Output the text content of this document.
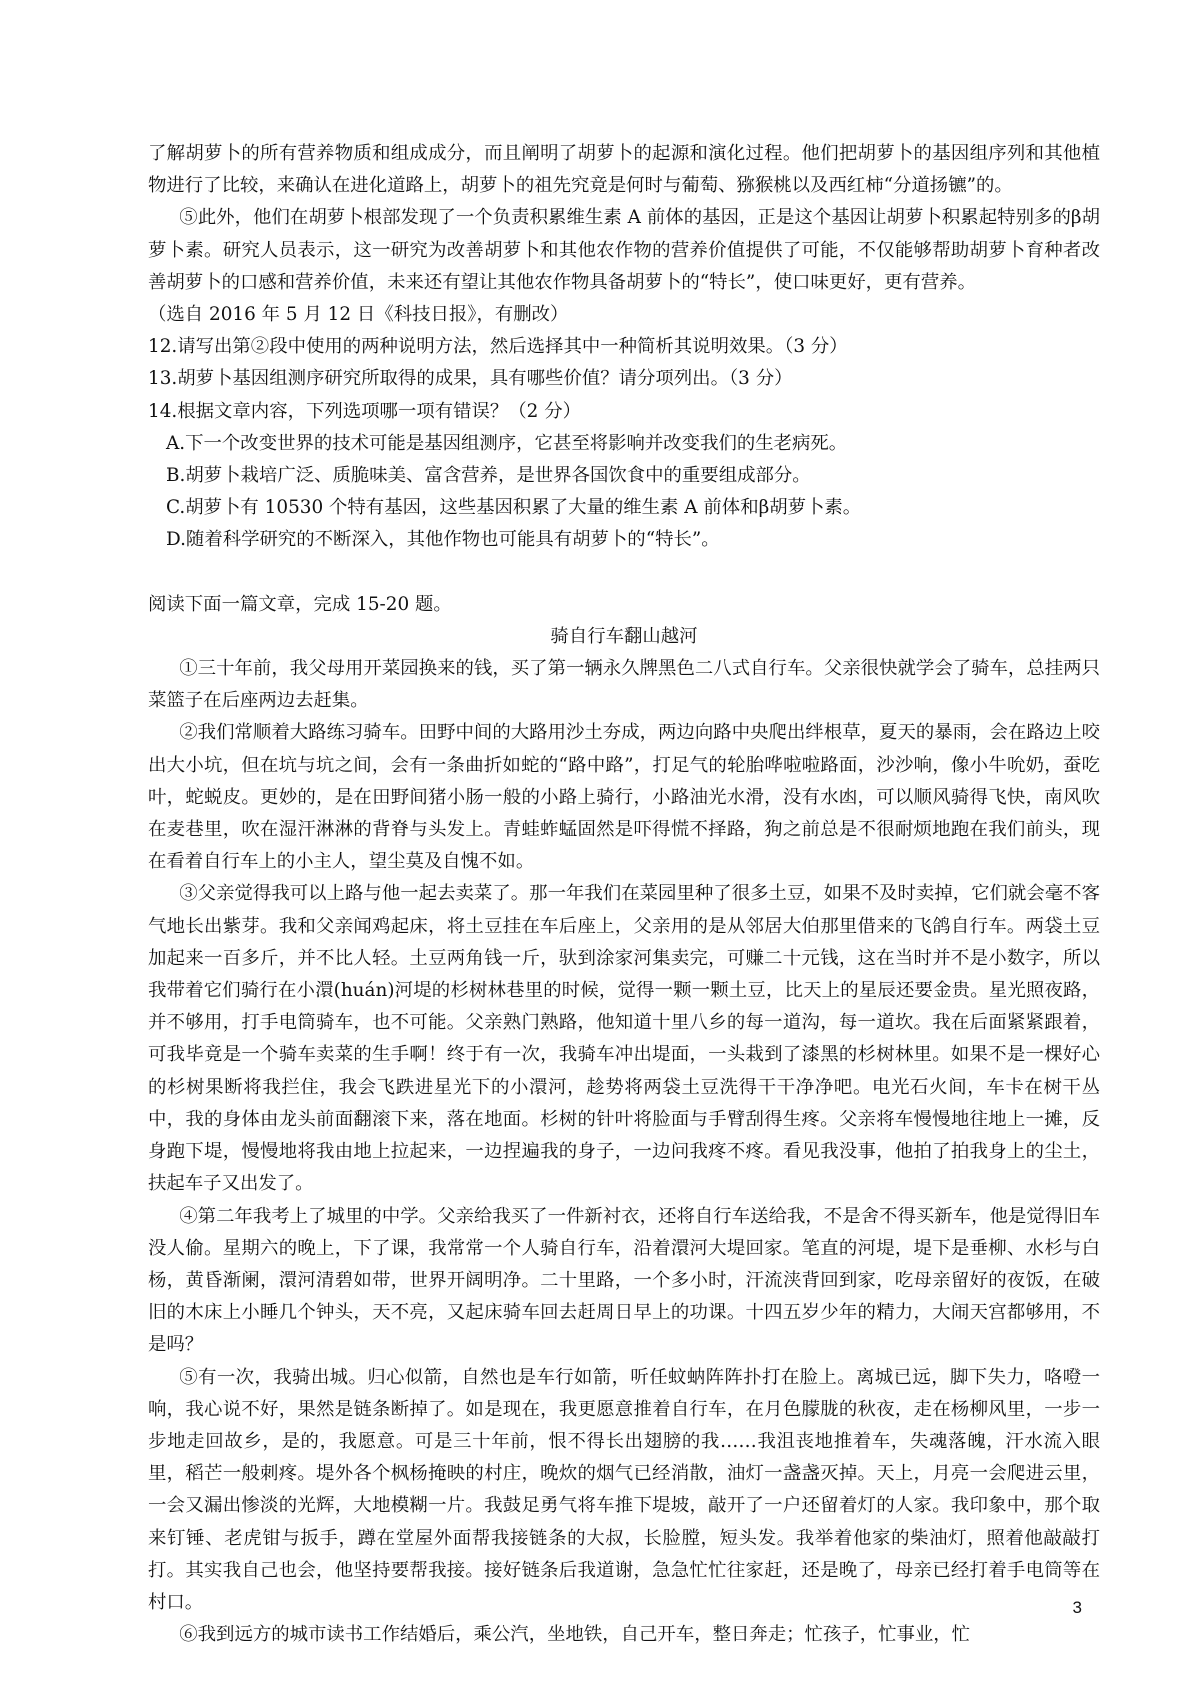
了解胡萝卜的所有营养物质和组成成分，而且阐明了胡萝卜的起源和演化过程。他们把胡萝卜的基因组序列和其他植物进行了比较，来确认在进化道路上，胡萝卜的祖先究竟是何时与葡萄、猕猴桃以及西红柿“分道扬镳”的。

⑤此外，他们在胡萝卜根部发现了一个负责积累维生素 A 前体的基因，正是这个基因让胡萝卜积累起特别多的β胡萝卜素。研究人员表示，这一研究为改善胡萝卜和其他农作物的营养价值提供了可能，不仅能够帮助胡萝卜育种者改善胡萝卜的口感和营养价值，未来还有望让其他农作物具备胡萝卜的“特长”，使口味更好，更有营养。

（选自 2016 年 5 月 12 日《科技日报》，有删改）

12.请写出第②段中使用的两种说明方法，然后选择其中一种简析其说明效果。（3 分）

13.胡萝卜基因组测序研究所取得的成果，具有哪些价值？请分项列出。（3 分）

14.根据文章内容，下列选项哪一项有错误？（2 分）

A.下一个改变世界的技术可能是基因组测序，它甚至将影响并改变我们的生老病死。

B.胡萝卜栽培广泛、质脆味美、富含营养，是世界各国饮食中的重要组成部分。

C.胡萝卜有 10530 个特有基因，这些基因积累了大量的维生素 A 前体和β胡萝卜素。

D.随着科学研究的不断深入，其他作物也可能具有胡萝卜的“特长”。

阅读下面一篇文章，完成 15-20 题。

骑自行车翻山越河

①三十年前，我父母用开菜园换来的钱，买了第一辆永久牌黑色二八式自行车。父亲很快就学会了骑车，总挂两只菜篮子在后座两边去赶集。

②我们常顺着大路练习骑车。田野中间的大路用沙土夯成，两边向路中央爬出绊根草，夏天的暴雨，会在路边上咬出大小坑，但在坑与坑之间，会有一条曲折如蛇的“路中路”，打足气的轮胎哗啦啦路面，沙沙响，像小牛吮奶，蚕吃叶，蛇蜕皮。更妙的，是在田野间猪小肠一般的小路上骑行，小路油光水滑，没有水凼，可以顺风骑得飞快，南风吹在麦巷里，吹在湿汗淋淋的背脊与头发上。青蛙蚱蜢固然是吓得慌不择路，狗之前总是不很耐烦地跑在我们前头，现在看着自行车上的小主人，望尘莫及自愧不如。

③父亲觉得我可以上路与他一起去卖菜了。那一年我们在菜园里种了很多土豆，如果不及时卖掉，它们就会毫不客气地长出紫芽。我和父亲闻鸡起床，将土豆挂在车后座上，父亲用的是从邻居大伯那里借来的飞鸽自行车。两袋土豆加起来一百多斤，并不比人轻。土豆两角钱一斤，驮到涂家河集卖完，可赚二十元钱，这在当时并不是小数字，所以我带着它们骑行在小澴(huán)河堤的杉树林巷里的时候，觉得一颗一颗土豆，比天上的星辰还要金贵。星光照夜路，并不够用，打手电筒骑车，也不可能。父亲熟门熟路，他知道十里八乡的每一道沟，每一道坎。我在后面紧紧跟着，可我毕竟是一个骑车卖菜的生手啊！终于有一次，我骑车冲出堤面，一头栽到了漆黑的杉树林里。如果不是一棵好心的杉树果断将我拦住，我会飞跌进星光下的小澴河，趁势将两袋土豆洗得干干净净吧。电光石火间，车卡在树干丛中，我的身体由龙头前面翻滚下来，落在地面。杉树的针叶将脸面与手臂刮得生疼。父亲将车慢慢地往地上一摊，反身跑下堤，慢慢地将我由地上拉起来，一边捏遍我的身子，一边问我疼不疼。看见我没事，他拍了拍我身上的尘土，扶起车子又出发了。

④第二年我考上了城里的中学。父亲给我买了一件新衬衣，还将自行车送给我，不是舍不得买新车，他是觉得旧车没人偷。星期六的晚上，下了课，我常常一个人骑自行车，沿着澴河大堤回家。笔直的河堤，堤下是垂柳、水杉与白杨，黄昏渐阑，澴河清碧如带，世界开阔明净。二十里路，一个多小时，汗流浃背回到家，吃母亲留好的夜饭，在破旧的木床上小睡几个钟头，天不亮，又起床骑车回去赶周日早上的功课。十四五岁少年的精力，大闹天宫都够用，不是吗？

⑤有一次，我骑出城。归心似箭，自然也是车行如箭，听任蚊蚋阵阵扑打在脸上。离城已远，脚下失力，咯噔一响，我心说不好，果然是链条断掉了。如是现在，我更愿意推着自行车，在月色朦胧的秋夜，走在杨柳风里，一步一步地走回故乡，是的，我愿意。可是三十年前，恨不得长出翅膀的我……我沮丧地推着车，失魂落魄，汗水流入眼里，稻芒一般刺疼。堤外各个枫杨掩映的村庄，晚炊的烟气已经消散，油灯一盏盏灭掉。天上，月亮一会爬进云里，一会又漏出惨淡的光辉，大地模糊一片。我鼓足勇气将车推下堤坡，敲开了一户还留着灯的人家。我印象中，那个取来钉锤、老虎钳与扳手，蹲在堂屋外面帮我接链条的大叔，长脸膛，短头发。我举着他家的柴油灯，照着他敲敲打打。其实我自己也会，他坚持要帮我接。接好链条后我道谢，急急忙忙往家赶，还是晚了，母亲已经打着手电筒等在村口。

⑥我到远方的城市读书工作结婚后，乘公汽，坐地铁，自己开车，整日奔走；忙孩子，忙事业，忙

3
